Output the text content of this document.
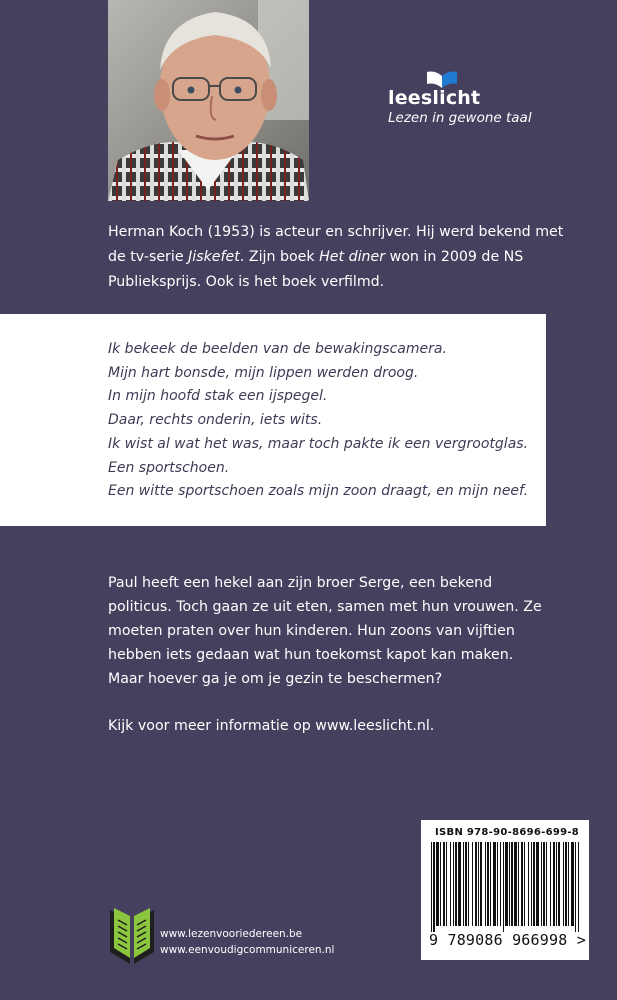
leeslicht
Lezen in gewone taal

Herman Koch (1953) is acteur en schrijver. Hij werd bekend met de tv-serie Jiskefet. Zijn boek Het diner won in 2009 de NS Publieksprijs. Ook is het boek verfilmd.

Ik bekeek de beelden van de bewakingscamera.
Mijn hart bonsde, mijn lippen werden droog.
In mijn hoofd stak een ijspegel.
Daar, rechts onderin, iets wits.
Ik wist al wat het was, maar toch pakte ik een vergrootglas.
Een sportschoen.
Een witte sportschoen zoals mijn zoon draagt, en mijn neef.

Paul heeft een hekel aan zijn broer Serge, een bekend politicus. Toch gaan ze uit eten, samen met hun vrouwen. Ze moeten praten over hun kinderen. Hun zoons van vijftien hebben iets gedaan wat hun toekomst kapot kan maken. Maar hoever ga je om je gezin te beschermen?

Kijk voor meer informatie op www.leeslicht.nl.

ISBN 978-90-8696-699-8
9 789086 966998 >
www.lezenvooriedereen.be
www.eenvoudigcommuniceren.nl
